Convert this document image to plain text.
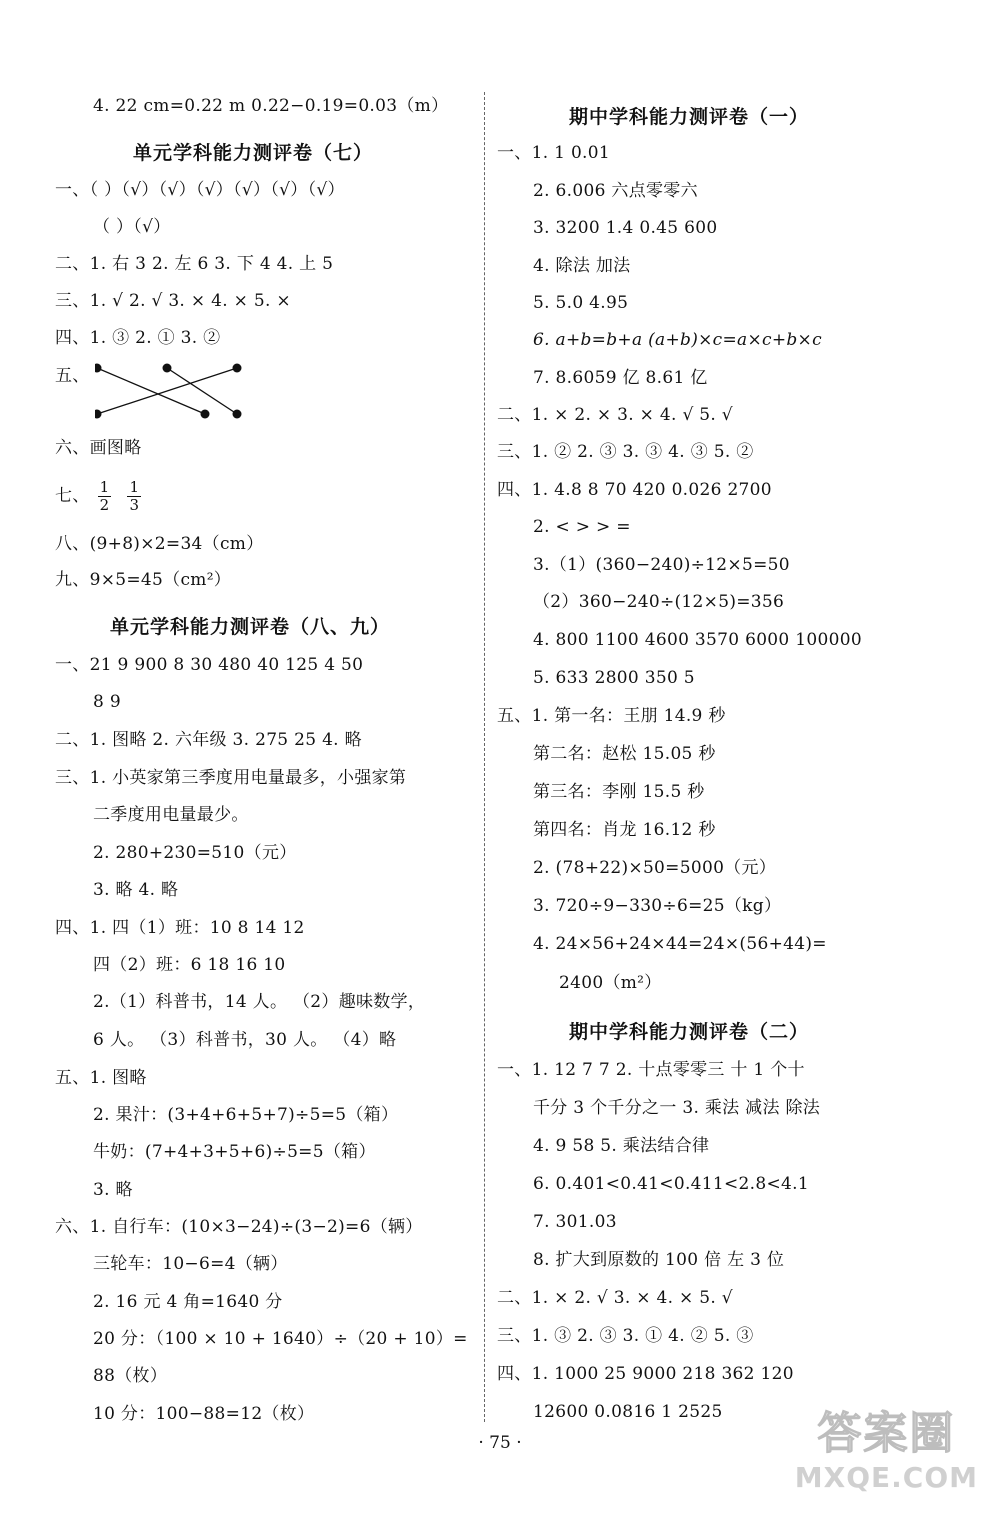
4. 22 cm=0.22 m 0.22−0.19=0.03（m）
单元学科能力测评卷（七）
一、（ ）（√）（√）（√）（√）（√）（√）
（ ）（√）
二、1. 右 3 2. 左 6 3. 下 4 4. 上 5
三、1. √ 2. √ 3. × 4. × 5. ×
四、1. ③ 2. ① 3. ②
五、
六、画图略
七、 $\frac{1}{2} \frac{1}{3}$
八、(9+8)×2=34（cm）
九、9×5=45（cm²）
单元学科能力测评卷（八、九）
一、21 9 900 8 30 480 40 125 4 50
8 9
二、1. 图略 2. 六年级 3. 275 25 4. 略
三、1. 小英家第三季度用电量最多，小强家第
二季度用电量最少。
2. 280+230=510（元）
3. 略 4. 略
四、1. 四（1）班：10 8 14 12
四（2）班：6 18 16 10
2.（1）科普书，14 人。 （2）趣味数学，
6 人。 （3）科普书，30 人。 （4）略
五、1. 图略
2. 果汁：(3+4+6+5+7)÷5=5（箱）
牛奶：(7+4+3+5+6)÷5=5（箱）
3. 略
六、1. 自行车：(10×3−24)÷(3−2)=6（辆）
三轮车：10−6=4（辆）
2. 16 元 4 角=1640 分
20 分：（100 × 10 + 1640）÷（20 + 10）=
88（枚）
10 分：100−88=12（枚）
期中学科能力测评卷（一）
一、1. 1 0.01
2. 6.006 六点零零六
3. 3200 1.4 0.45 600
4. 除法 加法
5. 5.0 4.95
6. a+b=b+a (a+b)×c=a×c+b×c
7. 8.6059 亿 8.61 亿
二、1. × 2. × 3. × 4. √ 5. √
三、1. ② 2. ③ 3. ③ 4. ③ 5. ②
四、1. 4.8 8 70 420 0.026 2700
2. < > > =
3.（1）(360−240)÷12×5=50
（2）360−240÷(12×5)=356
4. 800 1100 4600 3570 6000 100000
5. 633 2800 350 5
五、1. 第一名：王朋 14.9 秒
第二名：赵松 15.05 秒
第三名：李刚 15.5 秒
第四名：肖龙 16.12 秒
2. (78+22)×50=5000（元）
3. 720÷9−330÷6=25（kg）
4. 24×56+24×44=24×(56+44)=
2400（m²）
期中学科能力测评卷（二）
一、1. 12 7 7 2. 十点零零三 十 1 个十
千分 3 个千分之一 3. 乘法 减法 除法
4. 9 58 5. 乘法结合律
6. 0.401<0.41<0.411<2.8<4.1
7. 301.03
8. 扩大到原数的 100 倍 左 3 位
二、1. × 2. √ 3. × 4. × 5. √
三、1. ③ 2. ③ 3. ① 4. ② 5. ③
四、1. 1000 25 9000 218 362 120
12600 0.0816 1 2525
· 75 ·	答案圈
MXQE.COM
